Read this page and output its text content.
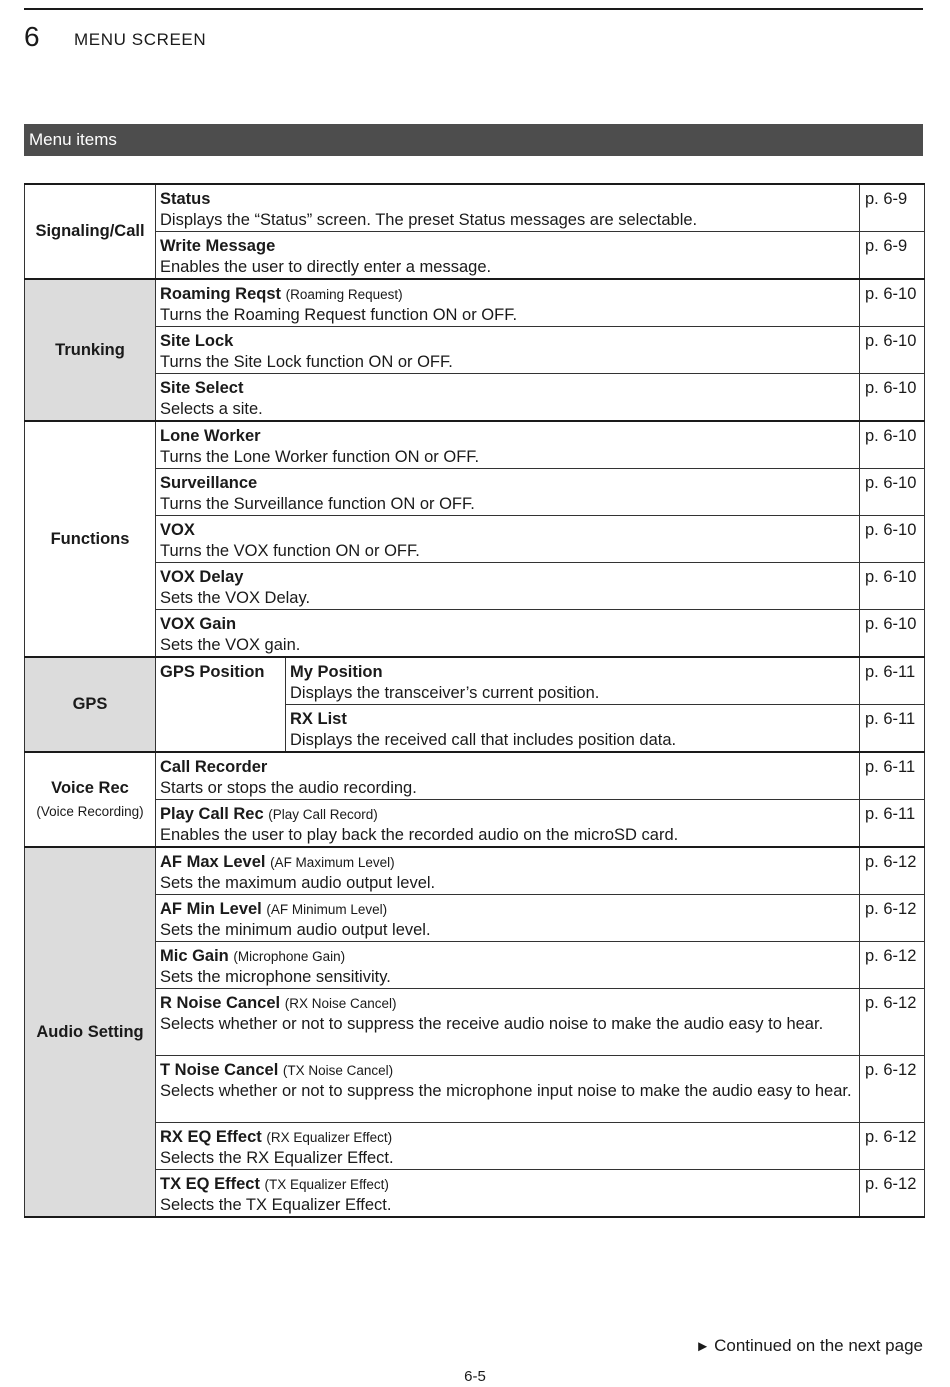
6 MENU SCREEN
Menu items
Signaling/Call	Status
Displays the “Status” screen. The preset Status messages are selectable.		p. 6-9
	Write Message
Enables the user to directly enter a message.		p. 6-9
Trunking	Roaming Reqst (Roaming Request)
Turns the Roaming Request function ON or OFF.		p. 6-10
	Site Lock
Turns the Site Lock function ON or OFF.		p. 6-10
	Site Select
Selects a site.		p. 6-10
Functions	Lone Worker
Turns the Lone Worker function ON or OFF.		p. 6-10
	Surveillance
Turns the Surveillance function ON or OFF.		p. 6-10
	VOX
Turns the VOX function ON or OFF.		p. 6-10
	VOX Delay
Sets the VOX Delay.		p. 6-10
	VOX Gain
Sets the VOX gain.		p. 6-10
GPS	GPS Position	My Position
Displays the transceiver’s current position.	p. 6-11
		RX List
Displays the received call that includes position data.	p. 6-11
Voice Rec
(Voice Recording)	Call Recorder
Starts or stops the audio recording.		p. 6-11
	Play Call Rec (Play Call Record)
Enables the user to play back the recorded audio on the microSD card.		p. 6-11
Audio Setting	AF Max Level (AF Maximum Level)
Sets the maximum audio output level.		p. 6-12
	AF Min Level (AF Minimum Level)
Sets the minimum audio output level.		p. 6-12
	Mic Gain (Microphone Gain)
Sets the microphone sensitivity.		p. 6-12
	R Noise Cancel (RX Noise Cancel)
Selects whether or not to suppress the receive audio noise to make the audio easy to hear.		p. 6-12
	T Noise Cancel (TX Noise Cancel)
Selects whether or not to suppress the microphone input noise to make the audio easy to hear.		p. 6-12
	RX EQ Effect (RX Equalizer Effect)
Selects the RX Equalizer Effect.		p. 6-12
	TX EQ Effect (TX Equalizer Effect)
Selects the TX Equalizer Effect.		p. 6-12
► Continued on the next page
6-5
